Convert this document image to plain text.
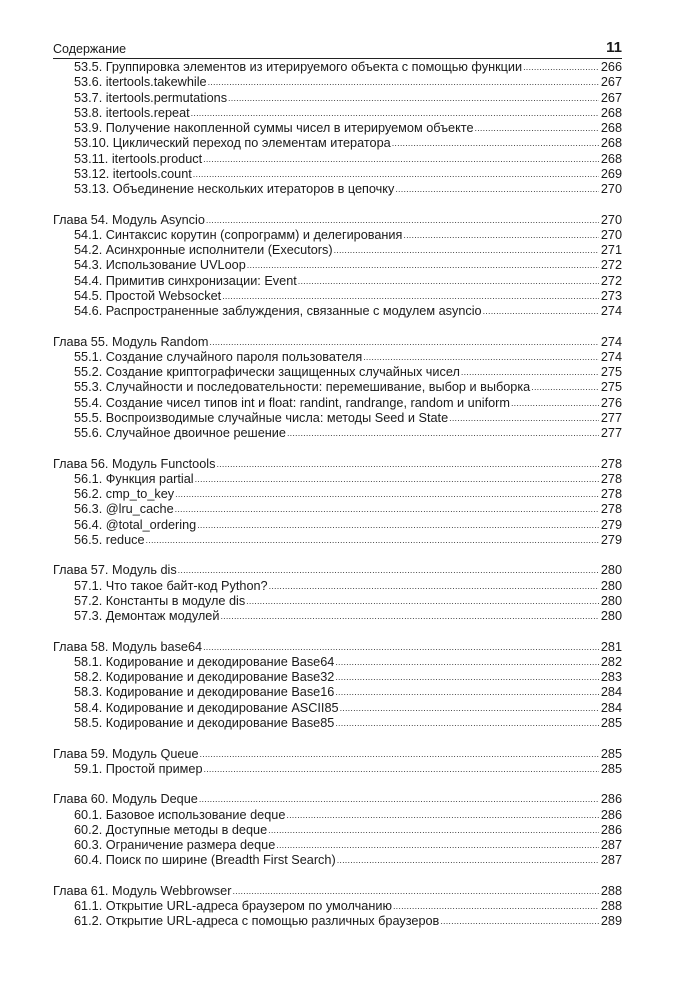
Содержание	11
53.5. Группировка элементов из итерируемого объекта с помощью функции .....	266
53.6. itertools.takewhile .....	267
53.7. itertools.permutations .....	267
53.8. itertools.repeat .....	268
53.9. Получение накопленной суммы чисел в итерируемом объекте .....	268
53.10. Циклический переход по элементам итератора .....	268
53.11. itertools.product .....	268
53.12. itertools.count .....	269
53.13. Объединение нескольких итераторов в цепочку .....	270
Глава 54. Модуль Asyncio .....	270
54.1. Синтаксис корутин (сопрограмм) и делегирования .....	270
54.2. Асинхронные исполнители (Executors) .....	271
54.3. Использование UVLoop .....	272
54.4. Примитив синхронизации: Event .....	272
54.5. Простой Websocket .....	273
54.6. Распространенные заблуждения, связанные с модулем asyncio .....	274
Глава 55. Модуль Random .....	274
55.1. Создание случайного пароля пользователя .....	274
55.2. Создание криптографически защищенных случайных чисел .....	275
55.3. Случайности и последовательности: перемешивание, выбор и выборка .....	275
55.4. Создание чисел типов int и float: randint, randrange, random и uniform .....	276
55.5. Воспроизводимые случайные числа: методы Seed и State .....	277
55.6. Случайное двоичное решение .....	277
Глава 56. Модуль Functools .....	278
56.1. Функция partial .....	278
56.2. cmp_to_key .....	278
56.3. @lru_cache .....	278
56.4. @total_ordering .....	279
56.5. reduce .....	279
Глава 57. Модуль dis .....	280
57.1. Что такое байт-код Python? .....	280
57.2. Константы в модуле dis .....	280
57.3. Демонтаж модулей .....	280
Глава 58. Модуль base64 .....	281
58.1. Кодирование и декодирование Base64 .....	282
58.2. Кодирование и декодирование Base32 .....	283
58.3. Кодирование и декодирование Base16 .....	284
58.4. Кодирование и декодирование ASCII85 .....	284
58.5. Кодирование и декодирование Base85 .....	285
Глава 59. Модуль Queue .....	285
59.1. Простой пример .....	285
Глава 60. Модуль Deque .....	286
60.1. Базовое использование deque .....	286
60.2. Доступные методы в deque .....	286
60.3. Ограничение размера deque .....	287
60.4. Поиск по ширине (Breadth First Search) .....	287
Глава 61. Модуль Webbrowser .....	288
61.1. Открытие URL-адреса браузером по умолчанию .....	288
61.2. Открытие URL-адреса с помощью различных браузеров .....	289
